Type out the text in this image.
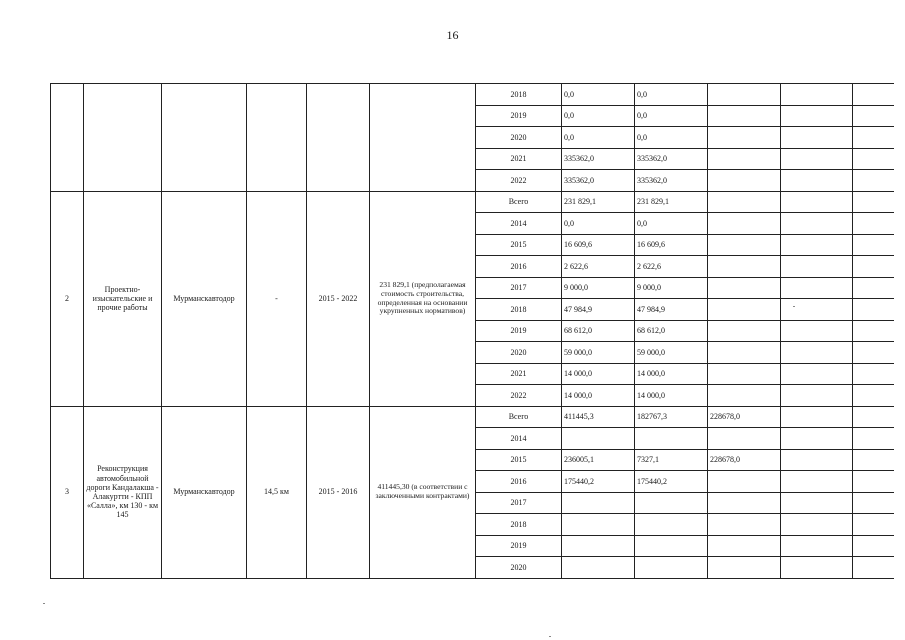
16
						2018	0,0	0,0			
						2019	0,0	0,0			
						2020	0,0	0,0			
						2021	335362,0	335362,0			
						2022	335362,0	335362,0			
2	Проектно-изыскательские и прочие работы	Мурманскавтодор	-	2015 - 2022	231 829,1 (предполагаемая стоимость строительства, определенная на основании укрупненных нормативов)	Всего	231 829,1	231 829,1			
						2014	0,0	0,0			
						2015	16 609,6	16 609,6			
						2016	2 622,6	2 622,6			
						2017	9 000,0	9 000,0			
						2018	47 984,9	47 984,9			
						2019	68 612,0	68 612,0			
						2020	59 000,0	59 000,0			
						2021	14 000,0	14 000,0			
						2022	14 000,0	14 000,0			
3	Реконструкция автомобильной дороги Кандалакша - Алакуртти - КПП «Салла», км 130 - км 145	Мурманскавтодор	14,5 км	2015 - 2016	411445,30 (в соответствии с заключенными контрактами)	Всего	411445,3	182767,3	228678,0		
						2014					
						2015	236005,1	7327,1	228678,0		
						2016	175440,2	175440,2			
						2017					
						2018					
						2019					
						2020					
